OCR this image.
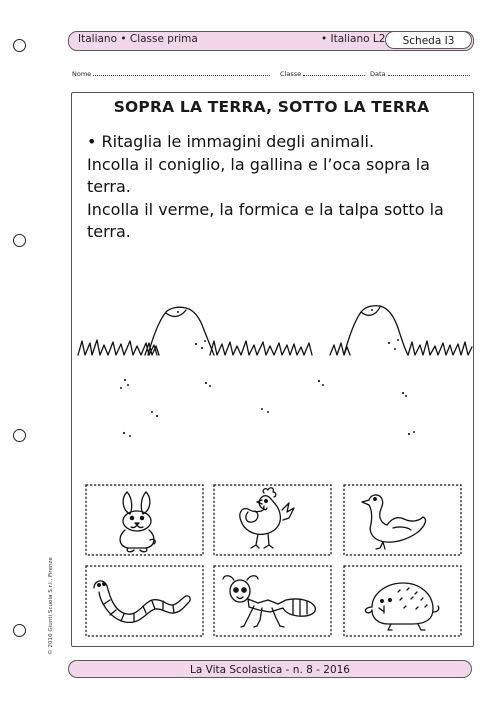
Italiano • Classe prima	• Italiano L2	Scheda I3
Nome	Classe	Data
SOPRA LA TERRA, SOTTO LA TERRA

• Ritaglia le immagini degli animali.

Incolla il coniglio, la gallina e l’oca sopra la terra.

Incolla il verme, la formica e la talpa sotto la terra.

© 2016 Giunti Scuola S.r.l., Firenze
La Vita Scolastica - n. 8 - 2016
